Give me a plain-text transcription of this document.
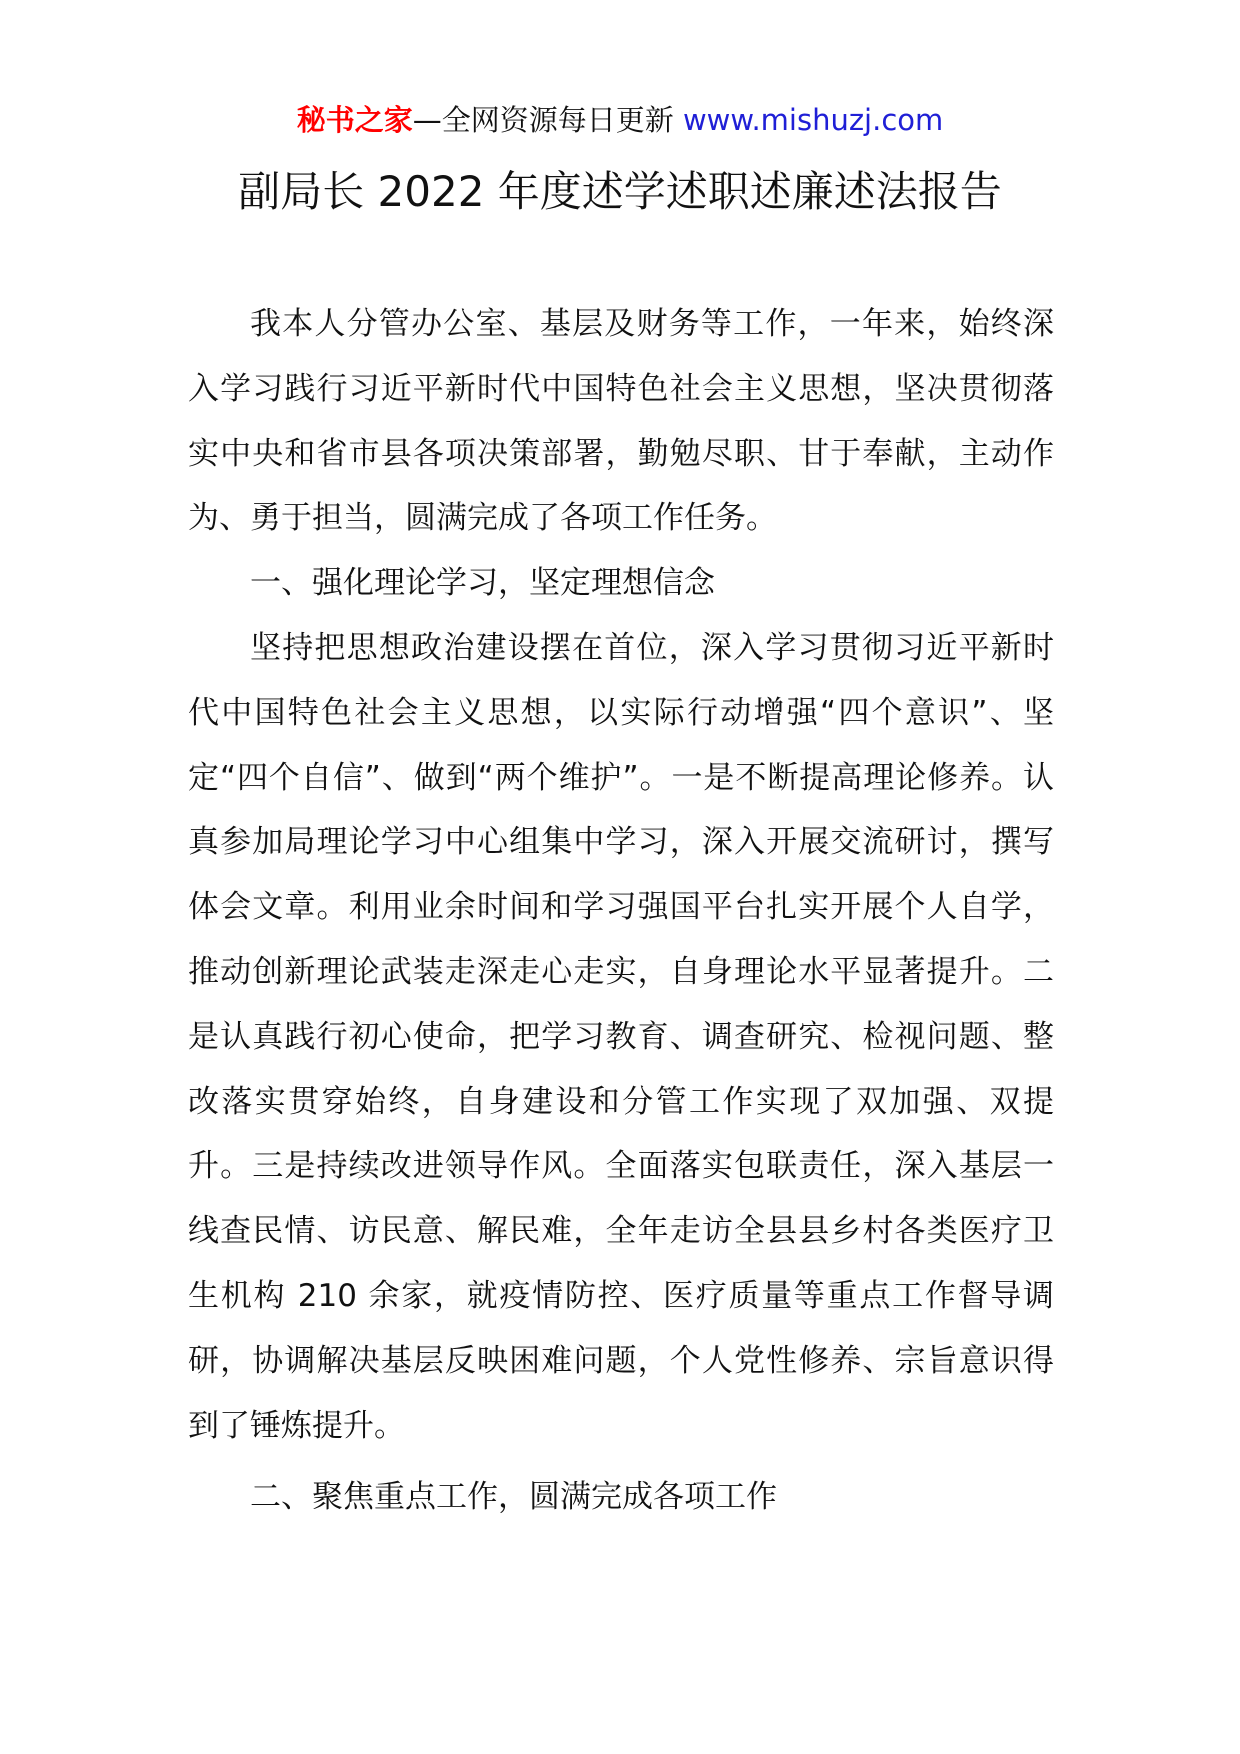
秘书之家—全网资源每日更新 www.mishuzj.com
副局长 2022 年度述学述职述廉述法报告

我本人分管办公室、基层及财务等工作，一年来，始终深入学习践行习近平新时代中国特色社会主义思想，坚决贯彻落实中央和省市县各项决策部署，勤勉尽职、甘于奉献，主动作为、勇于担当，圆满完成了各项工作任务。

一、强化理论学习，坚定理想信念

坚持把思想政治建设摆在首位，深入学习贯彻习近平新时代中国特色社会主义思想，以实际行动增强“四个意识”、坚定“四个自信”、做到“两个维护”。一是不断提高理论修养。认真参加局理论学习中心组集中学习，深入开展交流研讨，撰写体会文章。利用业余时间和学习强国平台扎实开展个人自学，推动创新理论武装走深走心走实，自身理论水平显著提升。二是认真践行初心使命，把学习教育、调查研究、检视问题、整改落实贯穿始终，自身建设和分管工作实现了双加强、双提升。三是持续改进领导作风。全面落实包联责任，深入基层一线查民情、访民意、解民难，全年走访全县县乡村各类医疗卫生机构 210 余家，就疫情防控、医疗质量等重点工作督导调研，协调解决基层反映困难问题，个人党性修养、宗旨意识得到了锤炼提升。

二、聚焦重点工作，圆满完成各项工作
